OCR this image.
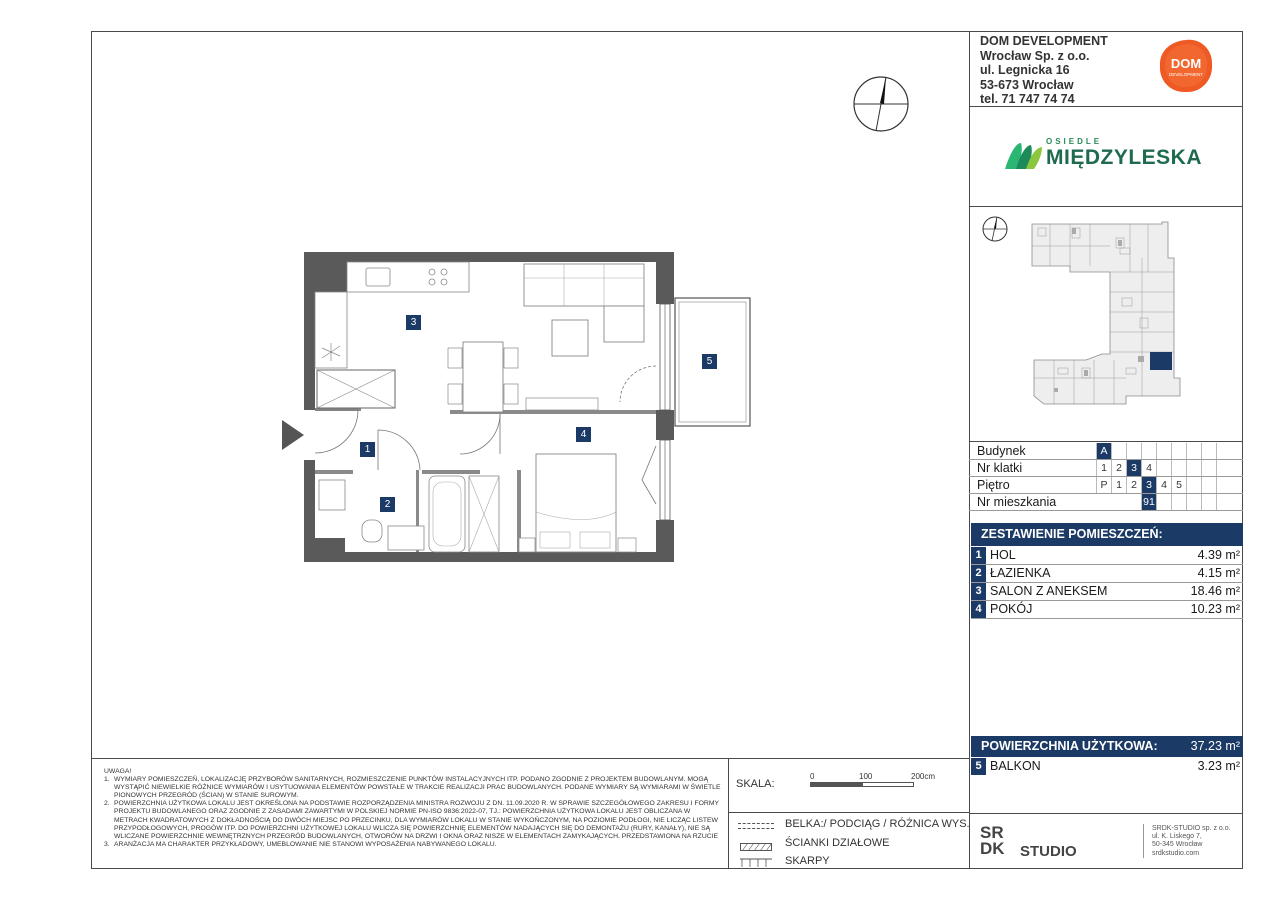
DOM DEVELOPMENT
Wrocław Sp. z o.o.
ul. Legnicka 16
53-673 Wrocław
tel. 71 747 74 74
DOM
DEVELOPMENT
OSIEDLE
MIĘDZYLESKA
Budynek	A
Nr klatki	1 2 3 4
Piętro	P 1 2 3 4 5
Nr mieszkania	91
ZESTAWIENIE POMIESZCZEŃ:
1 HOL	4.39 m²
2 ŁAZIENKA	4.15 m²
3 SALON Z ANEKSEM	18.46 m²
4 POKÓJ	10.23 m²
POWIERZCHNIA UŻYTKOWA:	37.23 m²
5 BALKON	3.23 m²
3
5
1
4
2
UWAGA!
1. WYMIARY POMIESZCZEŃ, LOKALIZACJĘ PRZYBORÓW SANITARNYCH, ROZMIESZCZENIE PUNKTÓW INSTALACYJNYCH ITP. PODANO ZGODNIE Z PROJEKTEM BUDOWLANYM. MOGĄ WYSTĄPIĆ NIEWIELKIE RÓŻNICE WYMIARÓW I USYTUOWANIA ELEMENTÓW POWSTAŁE W TRAKCIE REALIZACJI PRAC BUDOWLANYCH. PODANE WYMIARY SĄ WYMIARAMI W ŚWIETLE PIONOWYCH PRZEGRÓD (ŚCIAN) W STANIE SUROWYM.
2. POWIERZCHNIA UŻYTKOWA LOKALU JEST OKREŚLONA NA PODSTAWIE ROZPORZĄDZENIA MINISTRA ROZWOJU Z DN. 11.09.2020 R. W SPRAWIE SZCZEGÓŁOWEGO ZAKRESU I FORMY PROJEKTU BUDOWLANEGO ORAZ ZGODNIE Z ZASADAMI ZAWARTYMI W POLSKIEJ NORMIE PN-ISO 9836:2022-07, TJ.: POWIERZCHNIA UŻYTKOWA LOKALU JEST OBLICZANA W METRACH KWADRATOWYCH Z DOKŁADNOŚCIĄ DO DWÓCH MIEJSC PO PRZECINKU, DLA WYMIARÓW LOKALU W STANIE WYKOŃCZONYM, NA POZIOMIE PODŁOGI, NIE LICZĄC LISTEW PRZYPODŁOGOWYCH, PROGÓW ITP. DO POWIERZCHNI UŻYTKOWEJ LOKALU WLICZA SIĘ POWIERZCHNIĘ ELEMENTÓW NADAJĄCYCH SIĘ DO DEMONTAŻU (RURY, KANAŁY), NIE SĄ WLICZANE POWIERZCHNIE WEWNĘTRZNYCH PRZEGRÓD BUDOWLANYCH, OTWORÓW NA DRZWI I OKNA ORAZ NISZE W ELEMENTACH ZAMYKAJĄCYCH. PRZEDSTAWIONA NA RZUCIE
3. ARANŻACJA MA CHARAKTER PRZYKŁADOWY, UMEBLOWANIE NIE STANOWI WYPOSAŻENIA NABYWANEGO LOKALU.
SKALA:
0	100	200cm
BELKA:/ PODCIĄG / RÓŻNICA WYS.
ŚCIANKI DZIAŁOWE
SKARPY
SR
DK STUDIO
SRDK-STUDIO sp. z o.o.
ul. K. Liskego 7,
50-345 Wrocław
srdkstudio.com
